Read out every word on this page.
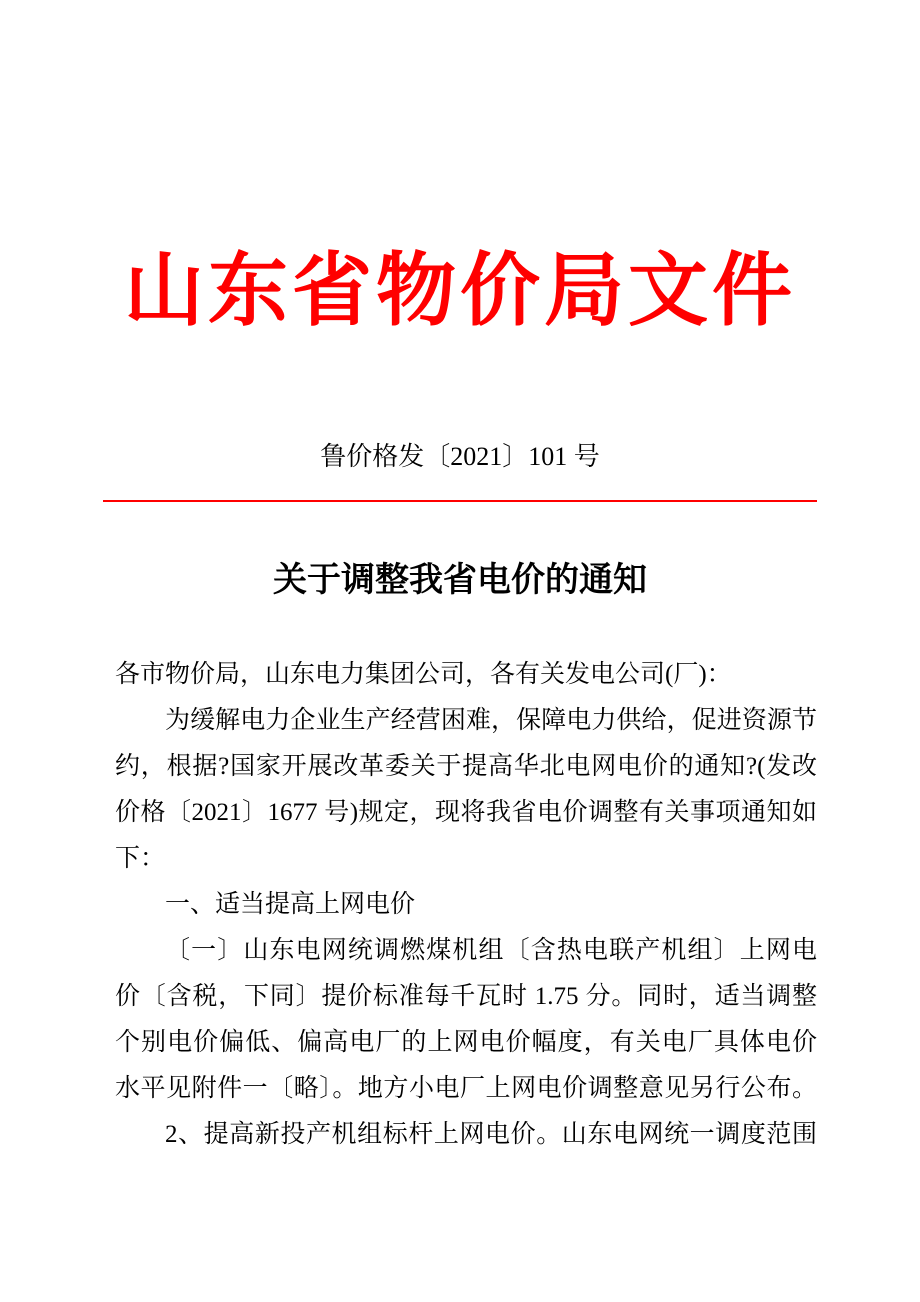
山东省物价局文件
鲁价格发〔2021〕101 号
关于调整我省电价的通知
各市物价局，山东电力集团公司，各有关发电公司(厂)：
为缓解电力企业生产经营困难，保障电力供给，促进资源节
约，根据?国家开展改革委关于提高华北电网电价的通知?(发改
价格〔2021〕1677 号)规定，现将我省电价调整有关事项通知如
下：
一、适当提高上网电价
〔一〕山东电网统调燃煤机组〔含热电联产机组〕上网电
价〔含税，下同〕提价标准每千瓦时 1.75 分。同时，适当调整
个别电价偏低、偏高电厂的上网电价幅度，有关电厂具体电价
水平见附件一〔略〕。地方小电厂上网电价调整意见另行公布。
2、提高新投产机组标杆上网电价。山东电网统一调度范围
